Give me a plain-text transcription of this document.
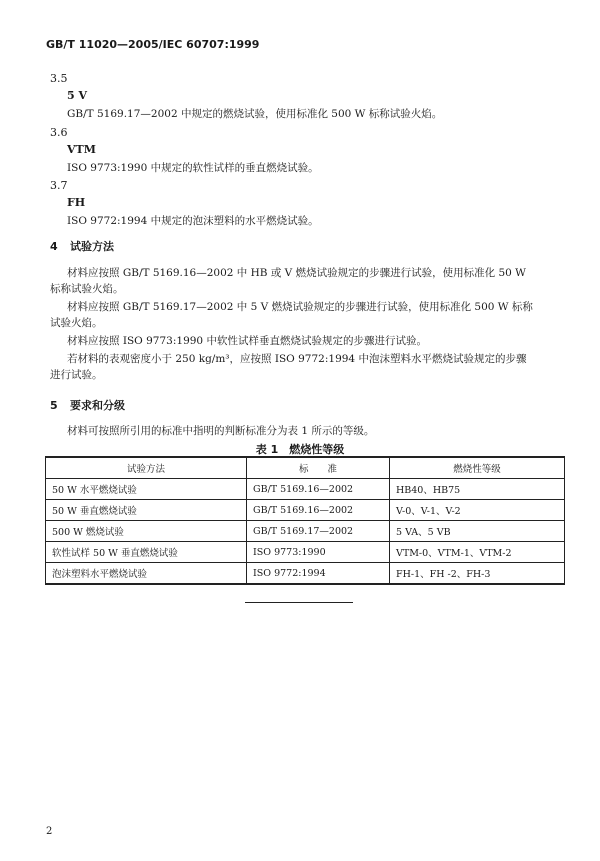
GB/T 11020—2005/IEC 60707:1999
3.5
5 V
GB/T 5169.17—2002 中规定的燃烧试验，使用标准化 500 W 标称试验火焰。
3.6
VTM
ISO 9773:1990 中规定的软性试样的垂直燃烧试验。
3.7
FH
ISO 9772:1994 中规定的泡沫塑料的水平燃烧试验。
4 试验方法
材料应按照 GB/T 5169.16—2002 中 HB 或 V 燃烧试验规定的步骤进行试验，使用标准化 50 W
标称试验火焰。
材料应按照 GB/T 5169.17—2002 中 5 V 燃烧试验规定的步骤进行试验，使用标准化 500 W 标称
试验火焰。
材料应按照 ISO 9773:1990 中软性试样垂直燃烧试验规定的步骤进行试验。
若材料的表观密度小于 250 kg/m³，应按照 ISO 9772:1994 中泡沫塑料水平燃烧试验规定的步骤
进行试验。
5 要求和分级
材料可按照所引用的标准中指明的判断标准分为表 1 所示的等级。
表 1　燃烧性等级
试验方法	标　　准	燃烧性等级
50 W 水平燃烧试验	GB/T 5169.16—2002	HB40、HB75
50 W 垂直燃烧试验	GB/T 5169.16—2002	V-0、V-1、V-2
500 W 燃烧试验	GB/T 5169.17—2002	5 VA、5 VB
软性试样 50 W 垂直燃烧试验	ISO 9773:1990	VTM-0、VTM-1、VTM-2
泡沫塑料水平燃烧试验	ISO 9772:1994	FH-1、FH -2、FH-3
2
